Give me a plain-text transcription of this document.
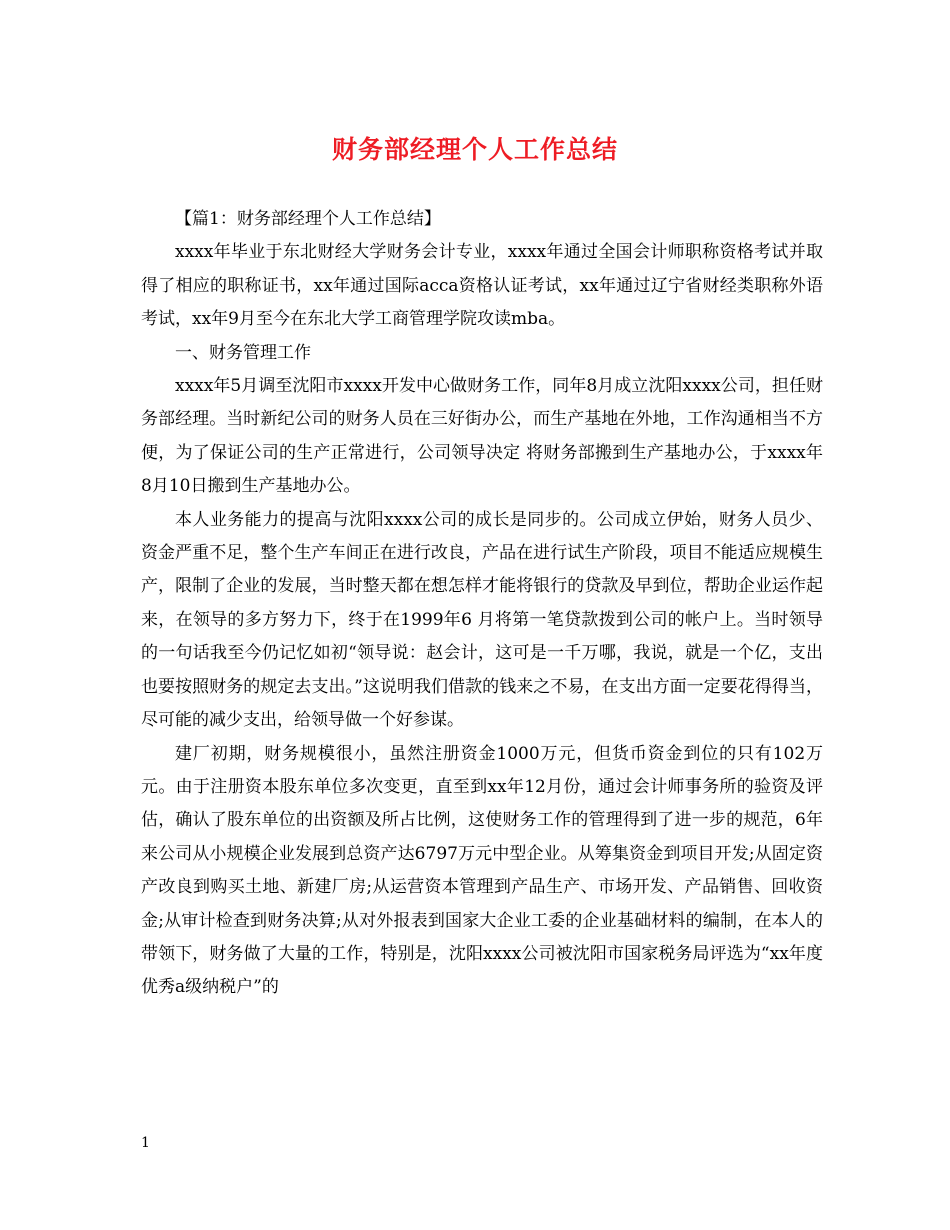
财务部经理个人工作总结

【篇1：财务部经理个人工作总结】

xxxx年毕业于东北财经大学财务会计专业，xxxx年通过全国会计师职称资格考试并取得了相应的职称证书，xx年通过国际acca资格认证考试，xx年通过辽宁省财经类职称外语考试，xx年9月至今在东北大学工商管理学院攻读mba。

一、财务管理工作

xxxx年5月调至沈阳市xxxx开发中心做财务工作，同年8月成立沈阳xxxx公司，担任财务部经理。当时新纪公司的财务人员在三好街办公，而生产基地在外地，工作沟通相当不方便，为了保证公司的生产正常进行，公司领导决定 将财务部搬到生产基地办公，于xxxx年8月10日搬到生产基地办公。

本人业务能力的提高与沈阳xxxx公司的成长是同步的。公司成立伊始，财务人员少、资金严重不足，整个生产车间正在进行改良，产品在进行试生产阶段，项目不能适应规模生产，限制了企业的发展，当时整天都在想怎样才能将银行的贷款及早到位，帮助企业运作起来，在领导的多方努力下，终于在1999年6 月将第一笔贷款拨到公司的帐户上。当时领导的一句话我至今仍记忆如初“领导说：赵会计，这可是一千万哪，我说，就是一个亿，支出也要按照财务的规定去支出。”这说明我们借款的钱来之不易，在支出方面一定要花得得当，尽可能的减少支出，给领导做一个好参谋。

建厂初期，财务规模很小，虽然注册资金1000万元，但货币资金到位的只有102万元。由于注册资本股东单位多次变更，直至到xx年12月份，通过会计师事务所的验资及评估，确认了股东单位的出资额及所占比例，这使财务工作的管理得到了进一步的规范，6年来公司从小规模企业发展到总资产达6797万元中型企业。从筹集资金到项目开发;从固定资产改良到购买土地、新建厂房;从运营资本管理到产品生产、市场开发、产品销售、回收资金;从审计检查到财务决算;从对外报表到国家大企业工委的企业基础材料的编制，在本人的带领下，财务做了大量的工作，特别是，沈阳xxxx公司被沈阳市国家税务局评选为“xx年度优秀a级纳税户”的

1
